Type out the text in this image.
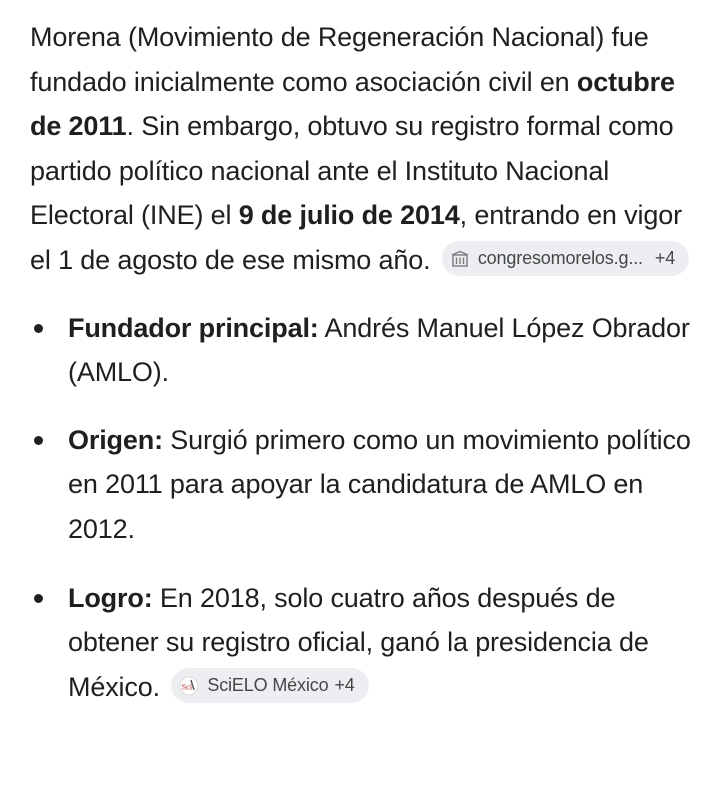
Morena (Movimiento de Regeneración Nacional) fue fundado inicialmente como asociación civil en octubre de 2011. Sin embargo, obtuvo su registro formal como partido político nacional ante el Instituto Nacional Electoral (INE) el 9 de julio de 2014, entrando en vigor el 1 de agosto de ese mismo año.	congresomorelos.g... +4

Fundador principal: Andrés Manuel López Obrador (AMLO).
Origen: Surgió primero como un movimiento político en 2011 para apoyar la candidatura de AMLO en 2012.
Logro: En 2018, solo cuatro años después de obtener su registro oficial, ganó la presidencia de México.	Sci SciELO México +4
